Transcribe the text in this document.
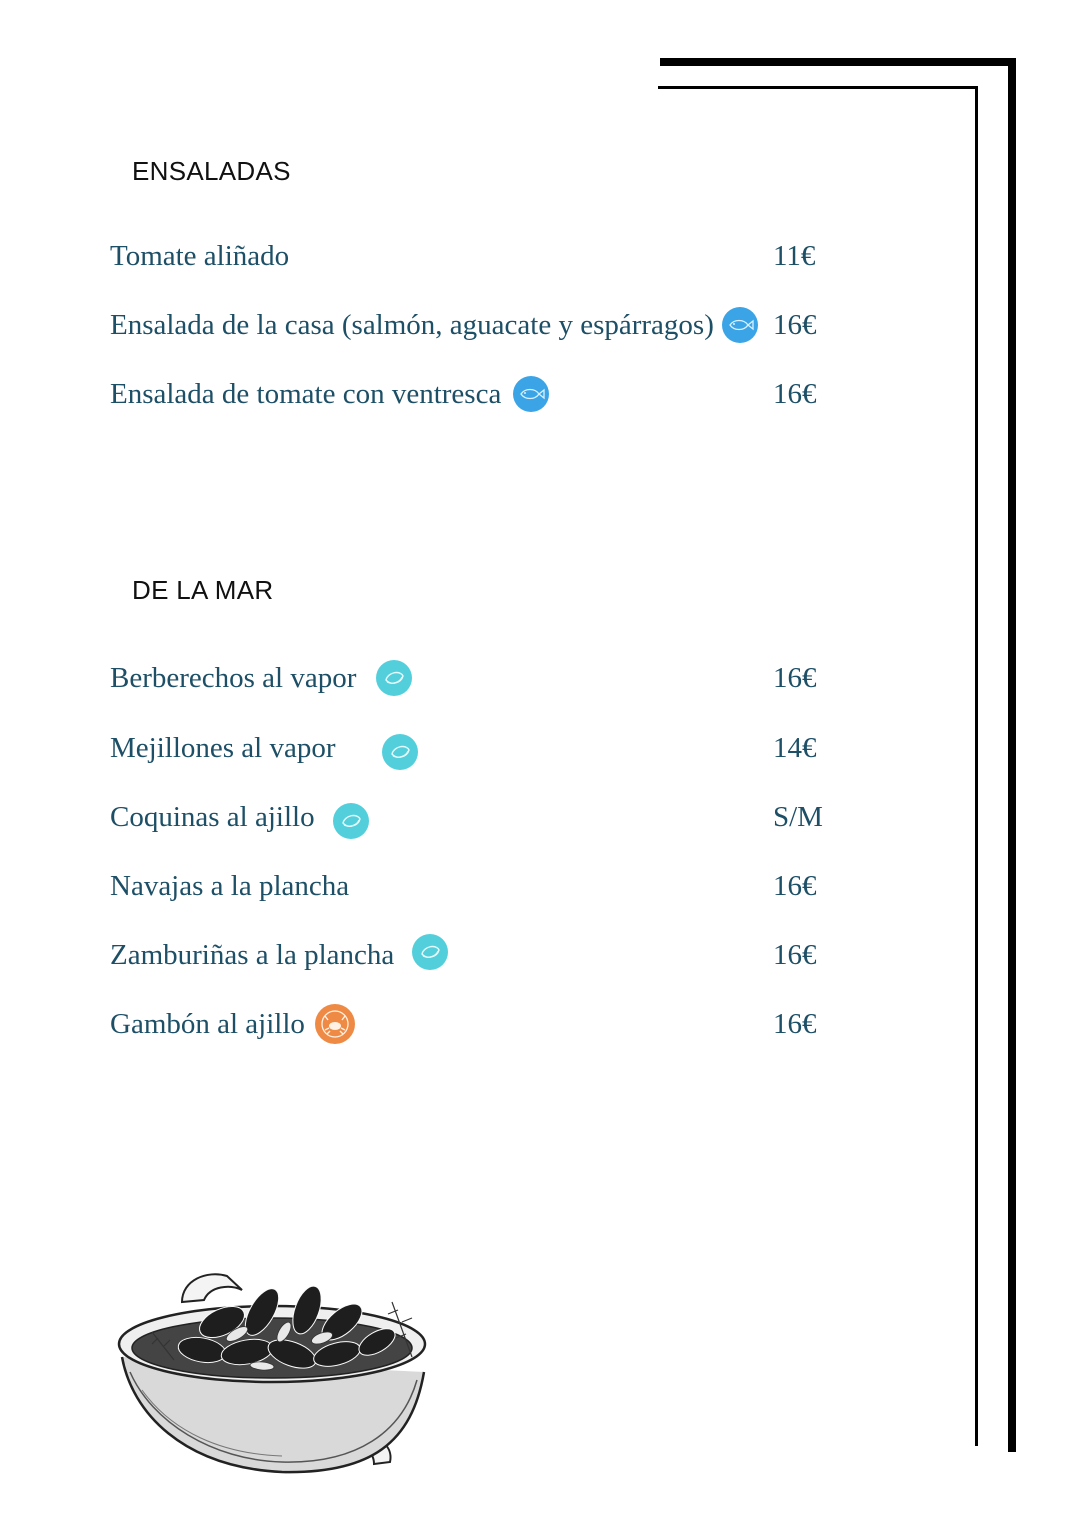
ENSALADAS
Tomate aliñado	11€
Ensalada de la casa (salmón, aguacate y espárragos) 16€
Ensalada de tomate con ventresca	16€
DE LA MAR
Berberechos al vapor	16€
Mejillones al vapor	14€
Coquinas al ajillo	S/M
Navajas a la plancha	16€
Zamburiñas a la plancha	16€
Gambón al ajillo	16€
